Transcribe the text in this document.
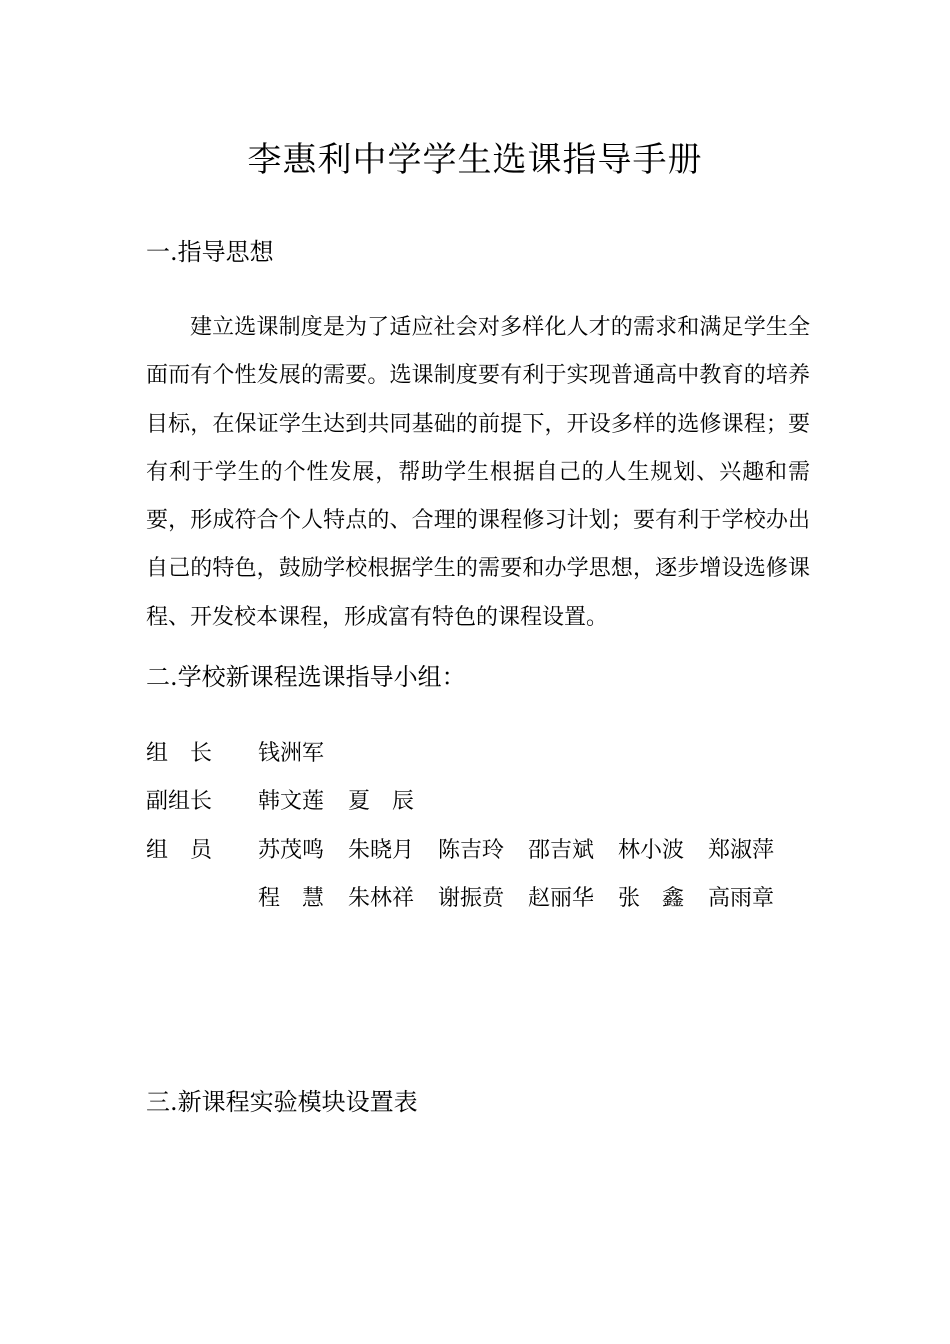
李惠利中学学生选课指导手册
一.指导思想

建立选课制度是为了适应社会对多样化人才的需求和满足学生全面而有个性发展的需要。选课制度要有利于实现普通高中教育的培养目标，在保证学生达到共同基础的前提下，开设多样的选修课程；要有利于学生的个性发展，帮助学生根据自己的人生规划、兴趣和需要，形成符合个人特点的、合理的课程修习计划；要有利于学校办出自己的特色，鼓励学校根据学生的需要和办学思想，逐步增设选修课程、开发校本课程，形成富有特色的课程设置。

二.学校新课程选课指导小组：
组　长	钱洲军
副组长	韩文莲	夏　辰
组　员	苏茂鸣	朱晓月	陈吉玲	邵吉斌	林小波	郑淑萍
程　慧	朱林祥	谢振贲	赵丽华	张　鑫	高雨章
三.新课程实验模块设置表
